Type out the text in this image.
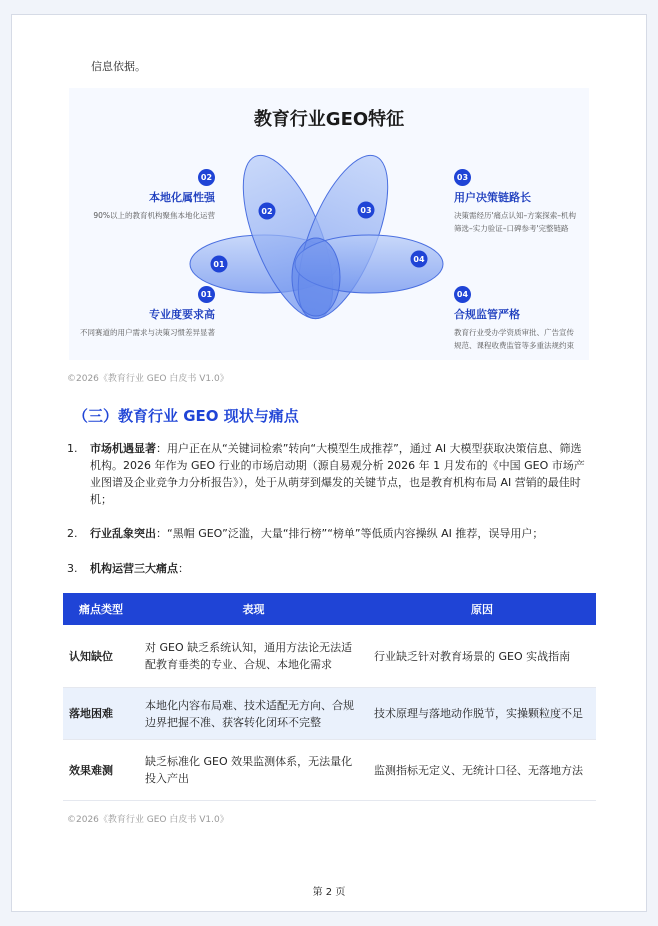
信息依据。
01
02	03
04
教育行业GEO特征
02
本地化属性强
90%以上的教育机构聚焦本地化运营
01
专业度要求高
不同赛道的用户需求与决策习惯差异显著
03
用户决策链路长
决策需经历'痛点认知–方案探索–机构筛选–实力验证–口碑参考'完整链路
04
合规监管严格
教育行业受办学资质审批、广告宣传规范、课程收费监管等多重法规约束
©2026《教育行业 GEO 白皮书 V1.0》
（三）教育行业 GEO 现状与痛点
1.	市场机遇显著：用户正在从“关键词检索”转向“大模型生成推荐”，通过 AI 大模型获取决策信息、筛选机构。2026 年作为 GEO 行业的市场启动期（源自易观分析 2026 年 1 月发布的《中国 GEO 市场产业图谱及企业竞争力分析报告》），处于从萌芽到爆发的关键节点，也是教育机构布局 AI 营销的最佳时机；
2.	行业乱象突出：“黑帽 GEO”泛滥，大量“排行榜”“榜单”等低质内容操纵 AI 推荐，误导用户；
3.	机构运营三大痛点：
痛点类型	表现	原因
认知缺位	对 GEO 缺乏系统认知，通用方法论无法适配教育垂类的专业、合规、本地化需求	行业缺乏针对教育场景的 GEO 实战指南
落地困难	本地化内容布局难、技术适配无方向、合规边界把握不准、获客转化闭环不完整	技术原理与落地动作脱节，实操颗粒度不足
效果难测	缺乏标准化 GEO 效果监测体系，无法量化投入产出	监测指标无定义、无统计口径、无落地方法
©2026《教育行业 GEO 白皮书 V1.0》
第 2 页
